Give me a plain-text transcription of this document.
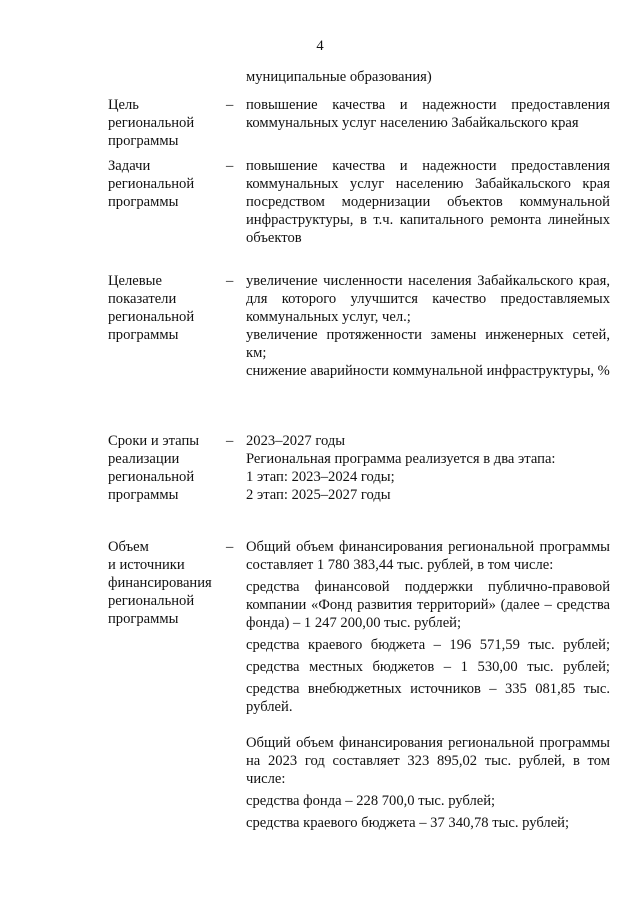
4
муниципальные образования)
Цель
региональной
программы
– повышение качества и надежности предоставления коммунальных услуг населению Забайкальского края

Задачи
региональной
программы
– повышение качества и надежности предоставления коммунальных услуг населению Забайкальского края посредством модернизации объектов коммунальной инфраструктуры, в т.ч. капитального ремонта линейных объектов

Целевые
показатели
региональной
программы
– увеличение численности населения Забайкальского края, для которого улучшится качество предоставляемых коммунальных услуг, чел.;

увеличение протяженности замены инженерных сетей, км;

снижение аварийности коммунальной инфраструктуры, %

Сроки и этапы
реализации
региональной
программы
– 2023–2027 годы

Региональная программа реализуется в два этапа:

1 этап: 2023–2024 годы;

2 этап: 2025–2027 годы

Объем
и источники
финансирования
региональной
программы
– Общий объем финансирования региональной программы составляет 1 780 383,44 тыс. рублей, в том числе:

средства финансовой поддержки публично-правовой компании «Фонд развития территорий» (далее – средства фонда) – 1 247 200,00 тыс. рублей;

средства краевого бюджета – 196 571,59 тыс. рублей;

средства местных бюджетов – 1 530,00 тыс. рублей;

средства внебюджетных источников – 335 081,85 тыс. рублей.

Общий объем финансирования региональной программы на 2023 год составляет 323 895,02 тыс. рублей, в том числе:

средства фонда – 228 700,0 тыс. рублей;

средства краевого бюджета – 37 340,78 тыс. рублей;
